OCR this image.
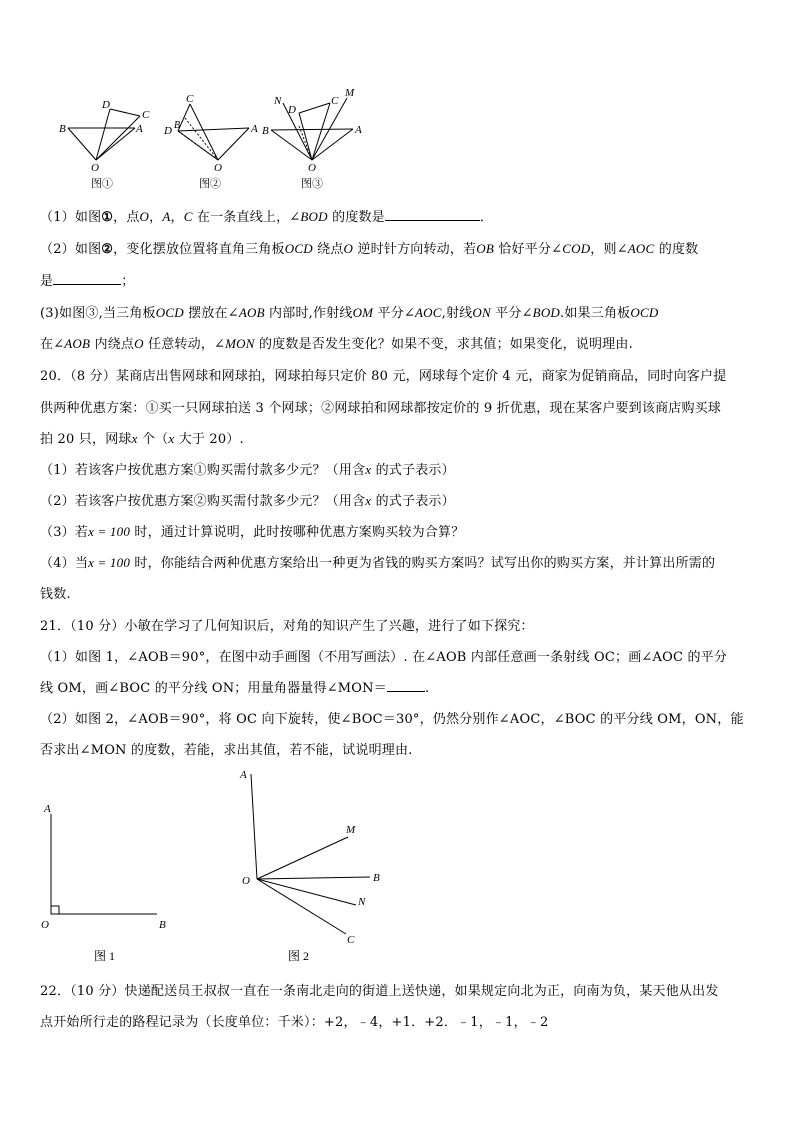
B
D
C
A
O
图①
C
D B	A
O
图②
N
D
C
M
B	A
O
图③
（1）如图①，点O，A，C 在一条直线上，∠BOD 的度数是	．
（2）如图②，变化摆放位置将直角三角板OCD 绕点O 逆时针方向转动，若OB 恰好平分∠COD，则∠AOC 的度数
是	；
(3)如图③,当三角板OCD 摆放在∠AOB 内部时,作射线OM 平分∠AOC,射线ON 平分∠BOD.如果三角板OCD
在∠AOB 内绕点O 任意转动，∠MON 的度数是否发生变化？如果不变，求其值；如果变化，说明理由.
20．（8 分）某商店出售网球和网球拍，网球拍每只定价 80 元，网球每个定价 4 元，商家为促销商品，同时向客户提
供两种优惠方案：①买一只网球拍送 3 个网球；②网球拍和网球都按定价的 9 折优惠，现在某客户要到该商店购买球
拍 20 只，网球x 个（x 大于 20）.
（1）若该客户按优惠方案①购买需付款多少元？（用含x 的式子表示）
（2）若该客户按优惠方案②购买需付款多少元？（用含x 的式子表示）
（3）若x = 100 时，通过计算说明，此时按哪种优惠方案购买较为合算？
（4）当x = 100 时，你能结合两种优惠方案给出一种更为省钱的购买方案吗？试写出你的购买方案，并计算出所需的
钱数.
21．（10 分）小敏在学习了几何知识后，对角的知识产生了兴趣，进行了如下探究：
（1）如图 1，∠AOB＝90°，在图中动手画图（不用写画法）. 在∠AOB 内部任意画一条射线 OC；画∠AOC 的平分
线 OM，画∠BOC 的平分线 ON；用量角器量得∠MON＝	.
（2）如图 2，∠AOB＝90°，将 OC 向下旋转，使∠BOC＝30°，仍然分别作∠AOC，∠BOC 的平分线 OM，ON，能
否求出∠MON 的度数，若能，求出其值，若不能，试说明理由.
A
O	B
图 1
A
M
O	B
N
C
图 2
22．（10 分）快递配送员王叔叔一直在一条南北走向的街道上送快递，如果规定向北为正，向南为负，某天他从出发
点开始所行走的路程记录为（长度单位：千米）：+2，﹣4，+1．+2．﹣1，﹣1，﹣2
